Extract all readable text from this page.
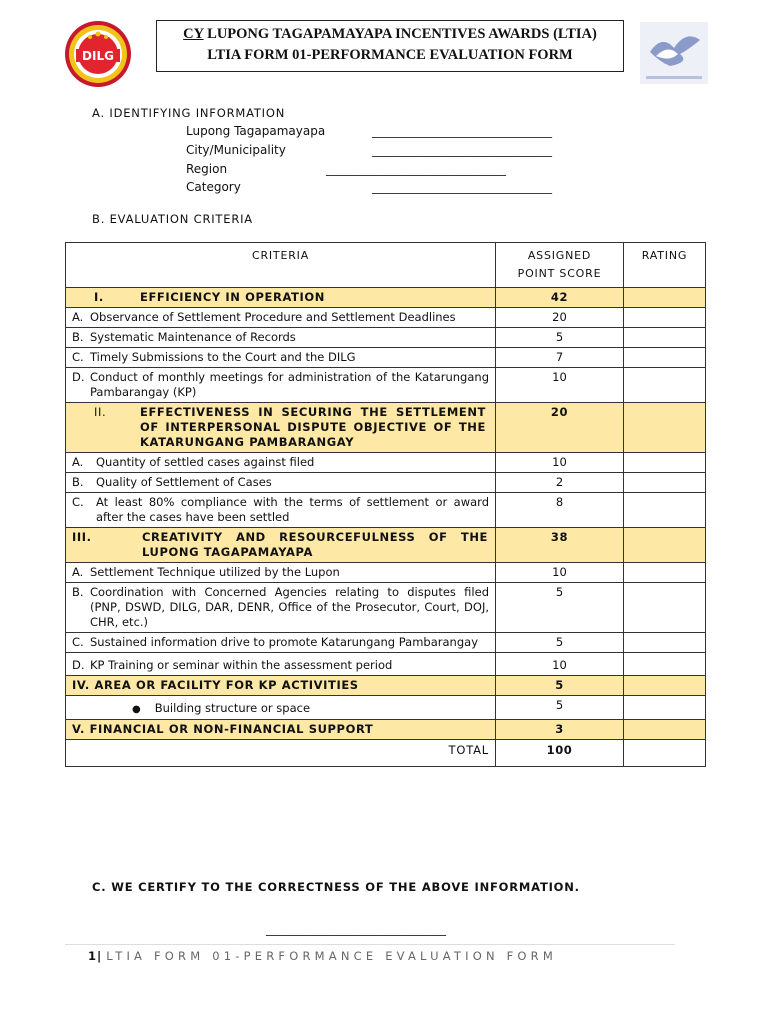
DILG
CY LUPONG TAGAPAMAYAPA INCENTIVES AWARDS (LTIA)
LTIA FORM 01-PERFORMANCE EVALUATION FORM
A. IDENTIFYING INFORMATION
Lupong Tagapamayapa	______________________________
City/Municipality	______________________________
Region	______________________________
Category	______________________________
B. EVALUATION CRITERIA
CRITERIA	ASSIGNED POINT SCORE	RATING
I. EFFICIENCY IN OPERATION	42	

A. Observance of Settlement Procedure and Settlement Deadlines	20	

B. Systematic Maintenance of Records	5	

C. Timely Submissions to the Court and the DILG	7	

D. Conduct of monthly meetings for administration of the Katarungang Pambarangay (KP)	10	
II. EFFECTIVENESS IN SECURING THE SETTLEMENT OF INTERPERSONAL DISPUTE OBJECTIVE OF THE KATARUNGANG PAMBARANGAY	20	

A. Quantity of settled cases against filed	10	

B. Quality of Settlement of Cases	2	

C. At least 80% compliance with the terms of settlement or award after the cases have been settled	8	
III. CREATIVITY AND RESOURCEFULNESS OF THE LUPONG TAGAPAMAYAPA	38	

A. Settlement Technique utilized by the Lupon	10	

B. Coordination with Concerned Agencies relating to disputes filed (PNP, DSWD, DILG, DAR, DENR, Office of the Prosecutor, Court, DOJ, CHR, etc.)	5	

C. Sustained information drive to promote Katarungang Pambarangay	5	

D. KP Training or seminar within the assessment period	10	
IV. AREA OR FACILITY FOR KP ACTIVITIES	5	
● Building structure or space	5	
V. FINANCIAL OR NON-FINANCIAL SUPPORT	3	
TOTAL	100	
C. WE CERTIFY TO THE CORRECTNESS OF THE ABOVE INFORMATION.
______________________________
1| LTIA FORM 01-PERFORMANCE EVALUATION FORM
